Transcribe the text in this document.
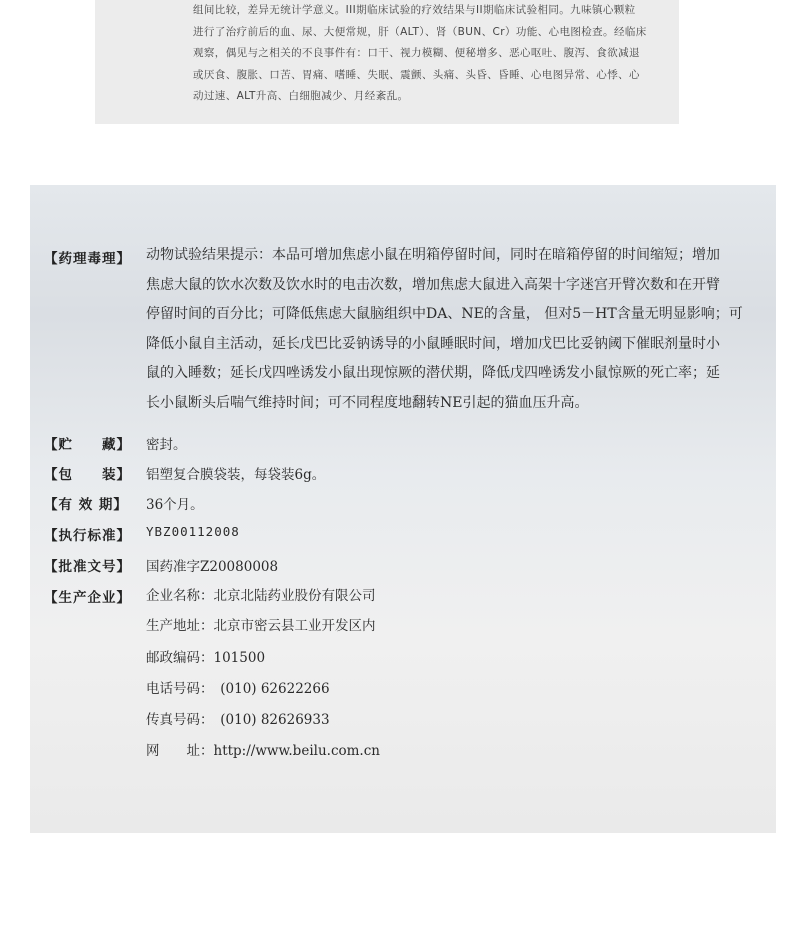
组间比较，差异无统计学意义。III期临床试验的疗效结果与II期临床试验相同。九味镇心颗粒

进行了治疗前后的血、尿、大便常规，肝（ALT）、肾（BUN、Cr）功能、心电图检查。经临床

观察，偶见与之相关的不良事件有：口干、视力模糊、便秘增多、恶心呕吐、腹泻、食欲减退

或厌食、腹胀、口苦、胃痛、嗜睡、失眠、震颤、头痛、头昏、昏睡、心电图异常、心悸、心

动过速、ALT升高、白细胞减少、月经紊乱。

【药理毒理】	动物试验结果提示：本品可增加焦虑小鼠在明箱停留时间，同时在暗箱停留的时间缩短；增加
焦虑大鼠的饮水次数及饮水时的电击次数，增加焦虑大鼠进入高架十字迷宫开臂次数和在开臂
停留时间的百分比；可降低焦虑大鼠脑组织中DA、NE的含量， 但对5－HT含量无明显影响；可
降低小鼠自主活动，延长戊巴比妥钠诱导的小鼠睡眠时间，增加戊巴比妥钠阈下催眠剂量时小
鼠的入睡数；延长戊四唑诱发小鼠出现惊厥的潜伏期，降低戊四唑诱发小鼠惊厥的死亡率；延
长小鼠断头后喘气维持时间；可不同程度地翻转NE引起的猫血压升高。
【贮　　藏】	密封。
【包　　装】	铝塑复合膜袋装，每袋装6g。
【有 效 期】	36个月。
【执行标准】	YBZ00112008
【批准文号】	国药准字Z20080008
【生产企业】	企业名称：北京北陆药业股份有限公司
生产地址：北京市密云县工业开发区内
邮政编码：101500
电话号码：　(010) 62622266
传真号码：　(010) 82626933
网　　址：http://www.beilu.com.cn
